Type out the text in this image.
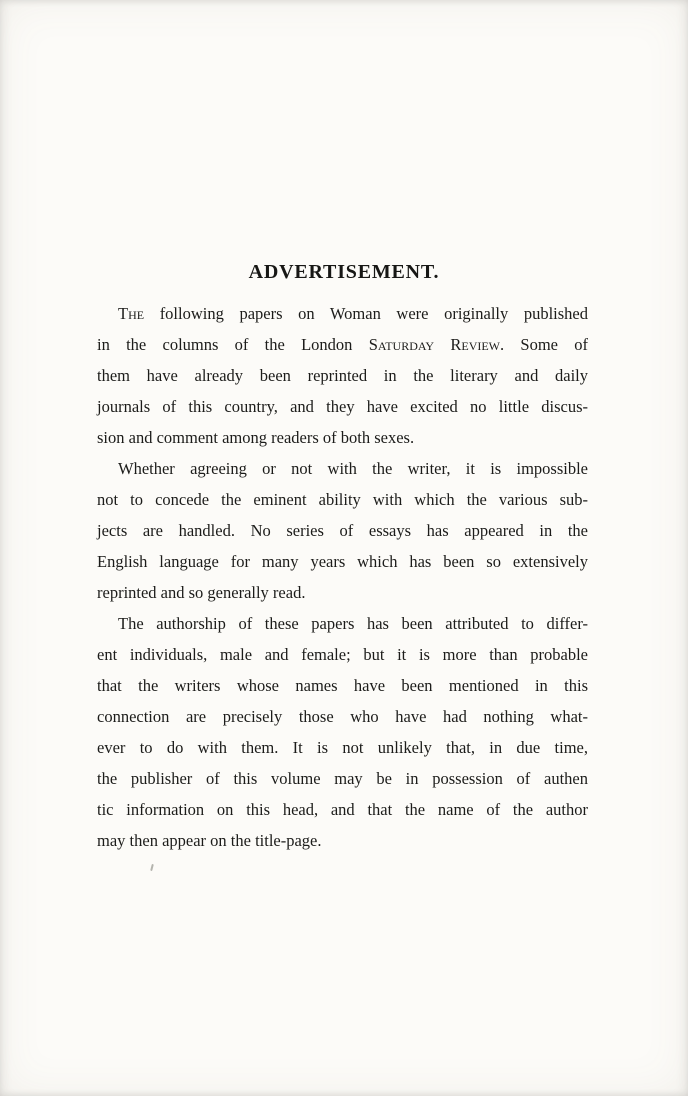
ADVERTISEMENT.
The following papers on Woman were originally published
in the columns of the London Saturday Review. Some of
them have already been reprinted in the literary and daily
journals of this country, and they have excited no little discus-
sion and comment among readers of both sexes.
Whether agreeing or not with the writer, it is impossible
not to concede the eminent ability with which the various sub-
jects are handled. No series of essays has appeared in the
English language for many years which has been so extensively
reprinted and so generally read.
The authorship of these papers has been attributed to differ-
ent individuals, male and female; but it is more than probable
that the writers whose names have been mentioned in this
connection are precisely those who have had nothing what-
ever to do with them. It is not unlikely that, in due time,
the publisher of this volume may be in possession of authen
tic information on this head, and that the name of the author
may then appear on the title-page.
